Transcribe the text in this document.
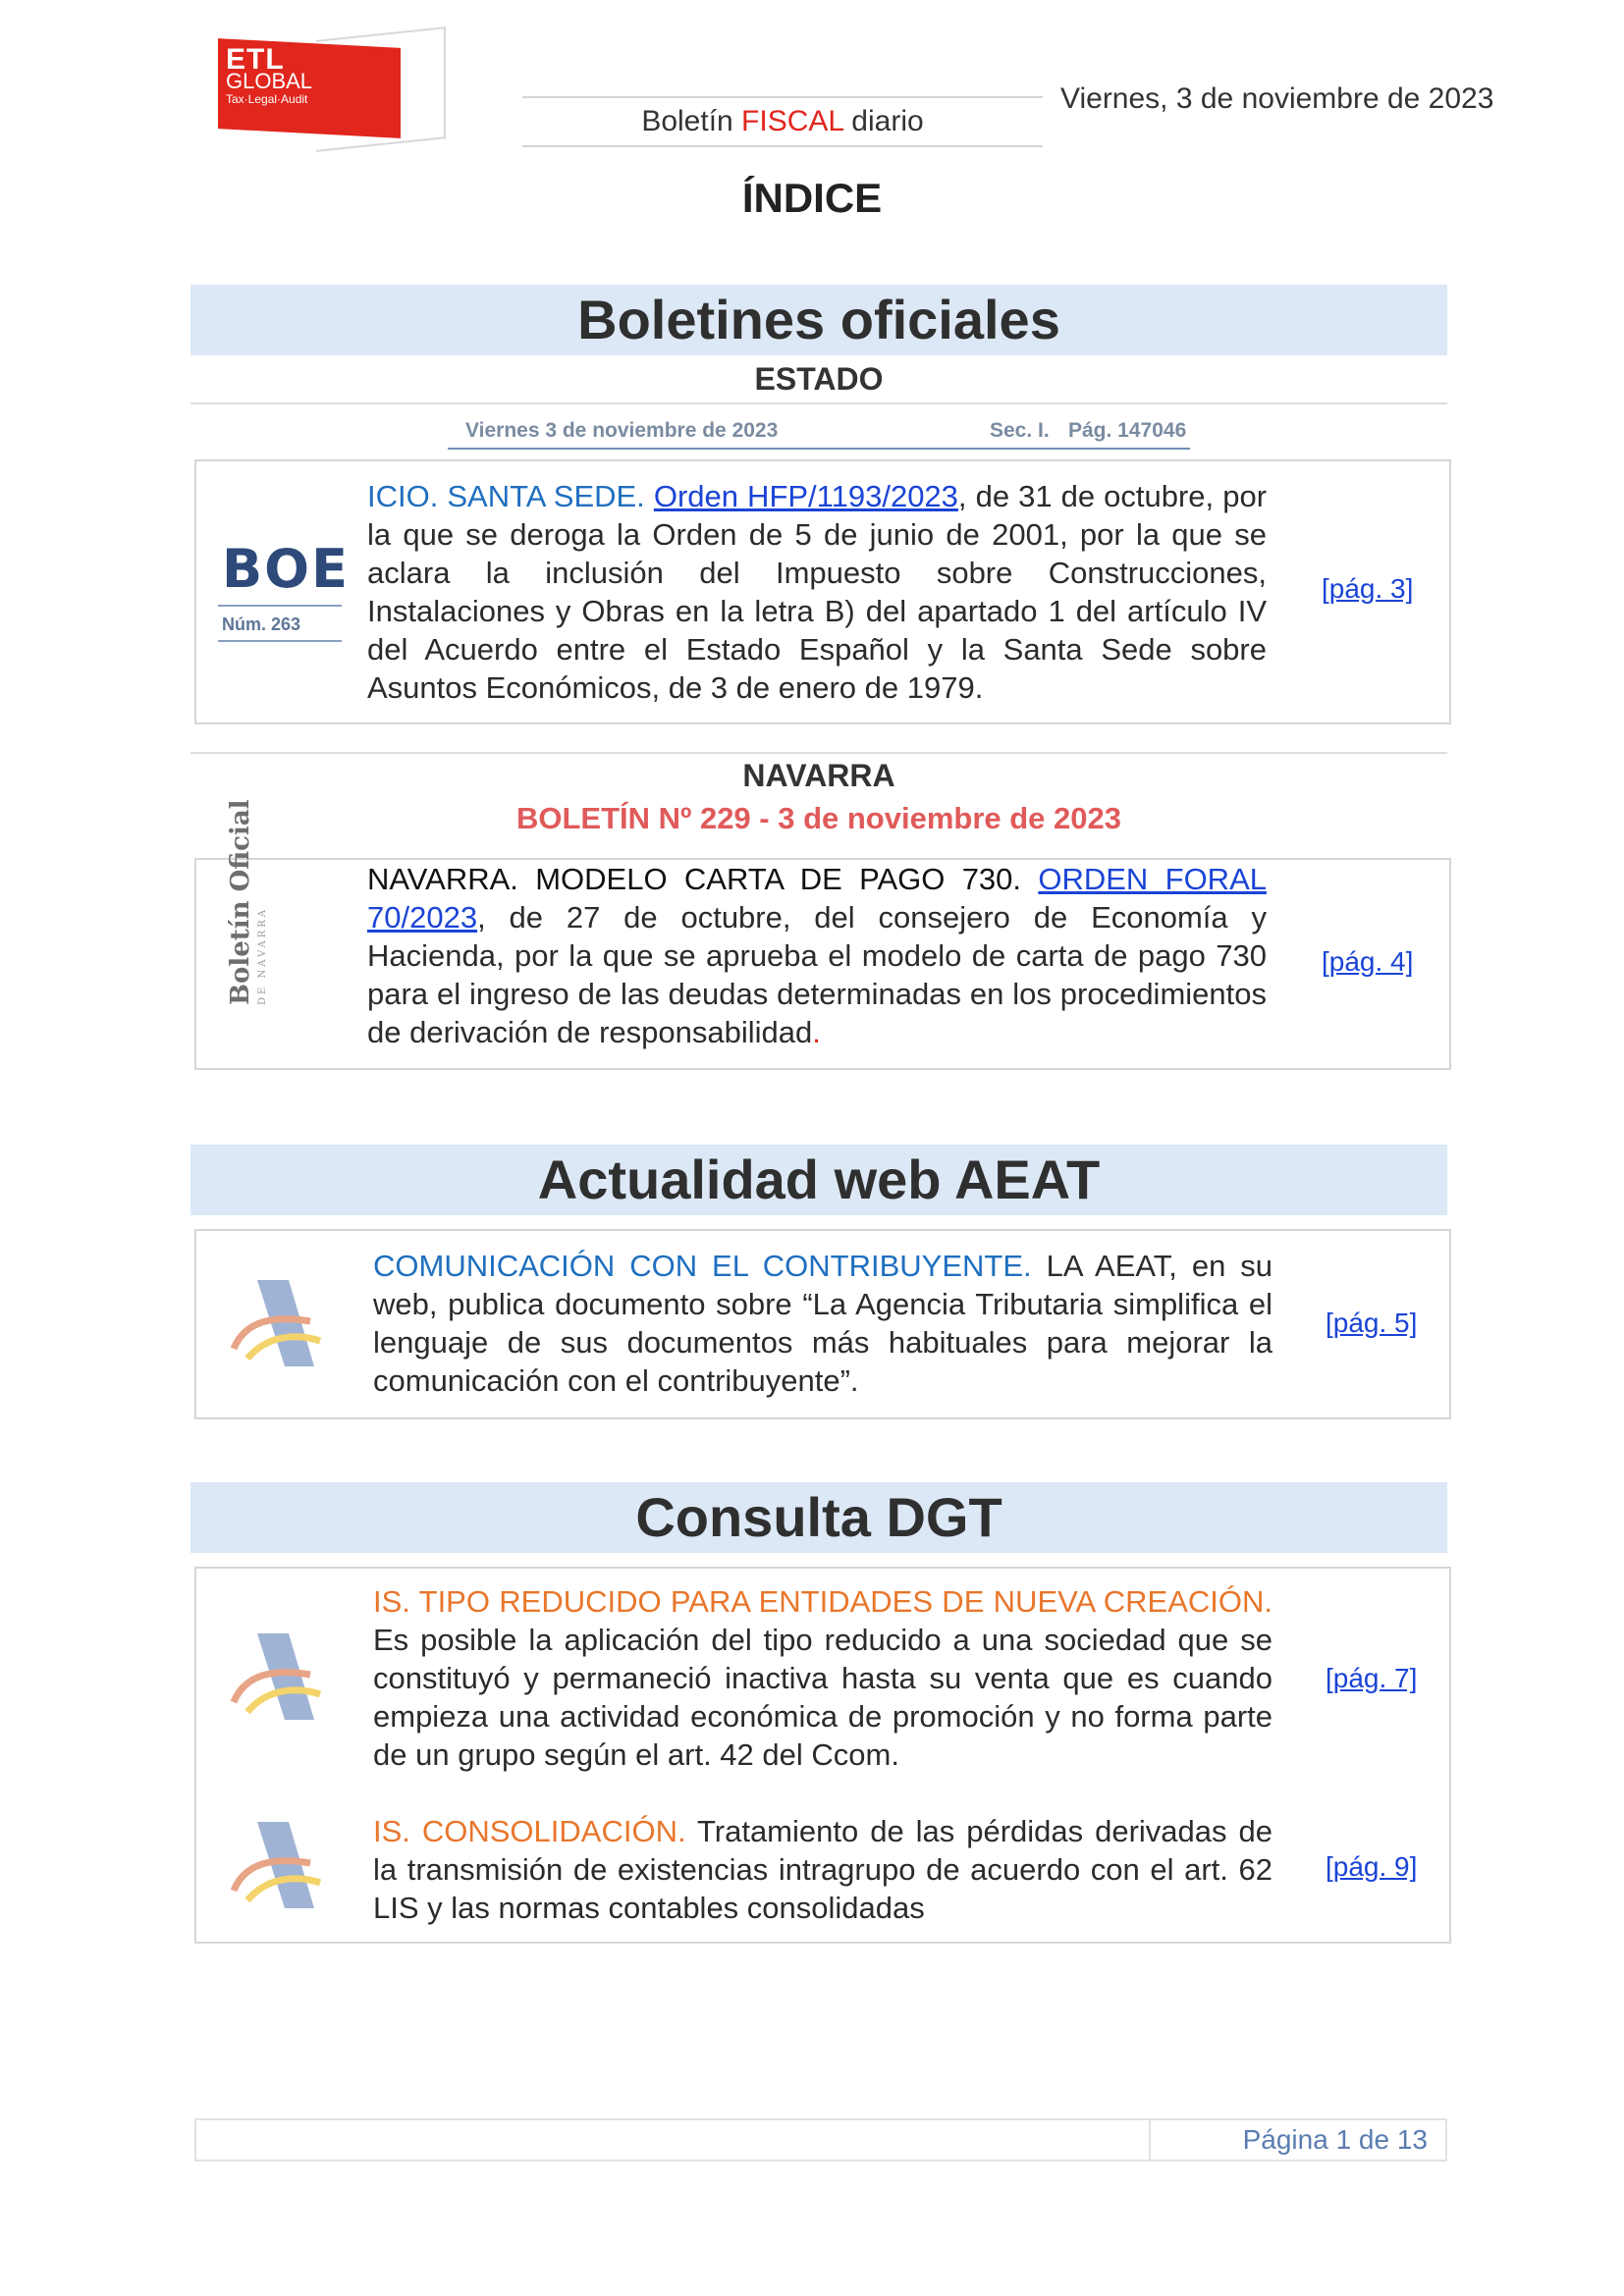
ETL
GLOBAL
Tax·Legal·Audit
Boletín FISCAL diario
Viernes, 3 de noviembre de 2023
ÍNDICE
Boletines oficiales
ESTADO
Viernes 3 de noviembre de 2023	Sec. I. Pág. 147046
BOE
Núm. 263
ICIO. SANTA SEDE. Orden HFP/1193/2023, de 31 de octubre, por la que se deroga la Orden de 5 de junio de 2001, por la que se aclara la inclusión del Impuesto sobre Construcciones, Instalaciones y Obras en la letra B) del apartado 1 del artículo IV del Acuerdo entre el Estado Español y la Santa Sede sobre Asuntos Económicos, de 3 de enero de 1979.
[pág. 3]
NAVARRA
BOLETÍN Nº 229 - 3 de noviembre de 2023
Boletín Oficial DE NAVARRA
NAVARRA. MODELO CARTA DE PAGO 730. ORDEN FORAL 70/2023, de 27 de octubre, del consejero de Economía y Hacienda, por la que se aprueba el modelo de carta de pago 730 para el ingreso de las deudas determinadas en los procedimientos de derivación de responsabilidad.
[pág. 4]
Actualidad web AEAT
COMUNICACIÓN CON EL CONTRIBUYENTE. LA AEAT, en su web, publica documento sobre “La Agencia Tributaria simplifica el lenguaje de sus documentos más habituales para mejorar la comunicación con el contribuyente”.
[pág. 5]
Consulta DGT
IS. TIPO REDUCIDO PARA ENTIDADES DE NUEVA CREACIÓN. Es posible la aplicación del tipo reducido a una sociedad que se constituyó y permaneció inactiva hasta su venta que es cuando empieza una actividad económica de promoción y no forma parte de un grupo según el art. 42 del Ccom.
[pág. 7]
IS. CONSOLIDACIÓN. Tratamiento de las pérdidas derivadas de la transmisión de existencias intragrupo de acuerdo con el art. 62 LIS y las normas contables consolidadas
[pág. 9]
Página 1 de 13
